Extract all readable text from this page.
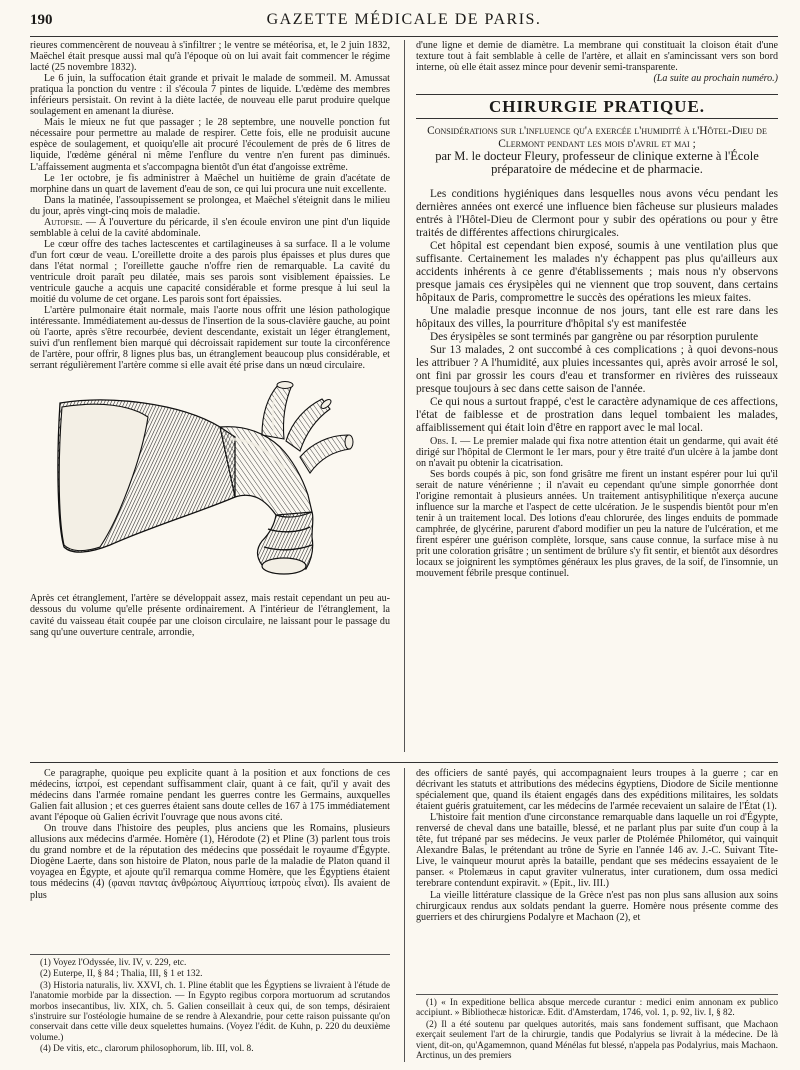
190	GAZETTE MÉDICALE DE PARIS.

rieures commencèrent de nouveau à s'infiltrer ; le ventre se météorisa, et, le 2 juin 1832, Maëchel était presque aussi mal qu'à l'époque où on lui avait fait commencer le régime lacté (25 novembre 1832).

Le 6 juin, la suffocation était grande et privait le malade de sommeil. M. Amussat pratiqua la ponction du ventre : il s'écoula 7 pintes de liquide. L'œdème des membres inférieurs persistait. On revint à la diète lactée, de nouveau elle parut produire quelque soulagement en amenant la diurèse.

Mais le mieux ne fut que passager ; le 28 septembre, une nouvelle ponction fut nécessaire pour permettre au malade de respirer. Cette fois, elle ne produisit aucune espèce de soulagement, et quoiqu'elle ait procuré l'écoulement de près de 6 litres de liquide, l'œdème général ni même l'enflure du ventre n'en furent pas diminués. L'affaissement augmenta et s'accompagna bientôt d'un état d'angoisse extrême.

Le 1er octobre, je fis administrer à Maëchel un huitième de grain d'acétate de morphine dans un quart de lavement d'eau de son, ce qui lui procura une nuit excellente.

Dans la matinée, l'assoupissement se prolongea, et Maëchel s'éteignit dans le milieu du jour, après vingt-cinq mois de maladie.

Autopsie. — A l'ouverture du péricarde, il s'en écoule environ une pint d'un liquide semblable à celui de la cavité abdominale.

Le cœur offre des taches lactescentes et cartilagineuses à sa surface. Il a le volume d'un fort cœur de veau. L'oreillette droite a des parois plus épaisses et plus dures que dans l'état normal ; l'oreillette gauche n'offre rien de remarquable. La cavité du ventricule droit paraît peu dilatée, mais ses parois sont visiblement épaissies. Le ventricule gauche a acquis une capacité considérable et forme presque à lui seul la moitié du volume de cet organe. Les parois sont fort épaissies.

L'artère pulmonaire était normale, mais l'aorte nous offrit une lésion pathologique intéressante. Immédiatement au-dessus de l'insertion de la sous-clavière gauche, au point où l'aorte, après s'être recourbée, devient descendante, existait un léger étranglement, suivi d'un renflement bien marqué qui décroissait rapidement sur toute la circonférence de l'artère, pour offrir, 8 lignes plus bas, un étranglement beaucoup plus considérable, et serrant régulièrement l'artère comme si elle avait été prise dans un nœud circulaire.

Après cet étranglement, l'artère se développait assez, mais restait cependant un peu au-dessous du volume qu'elle présente ordinairement. A l'intérieur de l'étranglement, la cavité du vaisseau était coupée par une cloison circulaire, ne laissant pour le passage du sang qu'une ouverture centrale, arrondie,

d'une ligne et demie de diamètre. La membrane qui constituait la cloison était d'une texture tout à fait semblable à celle de l'artère, et allait en s'amincissant vers son bord interne, où elle était assez mince pour devenir semi-transparente.

(La suite au prochain numéro.)

CHIRURGIE PRATIQUE.
Considérations sur l'influence qu'a exercée l'humidité à l'Hôtel-Dieu de Clermont pendant les mois d'avril et mai ;
par M. le docteur Fleury, professeur de clinique externe à l'École préparatoire de médecine et de pharmacie.

Les conditions hygiéniques dans lesquelles nous avons vécu pendant les dernières années ont exercé une influence bien fâcheuse sur plusieurs malades entrés à l'Hôtel-Dieu de Clermont pour y subir des opérations ou pour y être traités de différentes affections chirurgicales.

Cet hôpital est cependant bien exposé, soumis à une ventilation plus que suffisante. Certainement les malades n'y échappent pas plus qu'ailleurs aux accidents inhérents à ce genre d'établissements ; mais nous n'y observons presque jamais ces érysipèles qui ne viennent que trop souvent, dans certains hôpitaux de Paris, compromettre le succès des opérations les mieux faites.

Une maladie presque inconnue de nos jours, tant elle est rare dans les hôpitaux des villes, la pourriture d'hôpital s'y est manifestée

Des érysipèles se sont terminés par gangrène ou par résorption purulente

Sur 13 malades, 2 ont succombé à ces complications ; à quoi devons-nous les attribuer ? A l'humidité, aux pluies incessantes qui, après avoir arrosé le sol, ont fini par grossir les cours d'eau et transformer en rivières des ruisseaux presque toujours à sec dans cette saison de l'année.

Ce qui nous a surtout frappé, c'est le caractère adynamique de ces affections, l'état de faiblesse et de prostration dans lequel tombaient les malades, affaiblissement qui était loin d'être en rapport avec le mal local.

Obs. I. — Le premier malade qui fixa notre attention était un gendarme, qui avait été dirigé sur l'hôpital de Clermont le 1er mars, pour y être traité d'un ulcère à la jambe dont on n'avait pu obtenir la cicatrisation.

Ses bords coupés à pic, son fond grisâtre me firent un instant espérer pour lui qu'il serait de nature vénérienne ; il n'avait eu cependant qu'une simple gonorrhée dont l'origine remontait à plusieurs années. Un traitement antisyphilitique n'exerça aucune influence sur la marche et l'aspect de cette ulcération. Je le suspendis bientôt pour m'en tenir à un traitement local. Des lotions d'eau chlorurée, des linges enduits de pommade camphrée, de glycérine, parurent d'abord modifier un peu la nature de l'ulcération, et me firent espérer une guérison complète, lorsque, sans cause connue, la surface mise à nu prit une coloration grisâtre ; un sentiment de brûlure s'y fit sentir, et bientôt aux désordres locaux se joignirent les symptômes généraux les plus graves, de la soif, de l'insomnie, un mouvement fébrile presque continuel.

Ce paragraphe, quoique peu explicite quant à la position et aux fonctions de ces médecins, ἰατροί, est cependant suffisamment clair, quant à ce fait, qu'il y avait des médecins dans l'armée romaine pendant les guerres contre les Germains, auxquelles Galien fait allusion ; et ces guerres étaient sans doute celles de 167 à 175 immédiatement avant l'époque où Galien écrivit l'ouvrage que nous avons cité.

On trouve dans l'histoire des peuples, plus anciens que les Romains, plusieurs allusions aux médecins d'armée. Homère (1), Hérodote (2) et Pline (3) parlent tous trois du grand nombre et de la réputation des médecins que possédait le royaume d'Égypte. Diogène Laerte, dans son histoire de Platon, nous parle de la maladie de Platon quand il voyagea en Égypte, et ajoute qu'il remarqua comme Homère, que les Égyptiens étaient tous médecins (4) (φαναι παντας ἀνθρώπους Αἰγυπτίους ἰατροὺς εἶναι). Ils avaient de plus

(1) Voyez l'Odyssée, liv. IV, v. 229, etc.

(2) Euterpe, II, § 84 ; Thalia, III, § 1 et 132.

(3) Historia naturalis, liv. XXVI, ch. 1. Pline établit que les Égyptiens se livraient à l'étude de l'anatomie morbide par la dissection. — In Egypto regibus corpora mortuorum ad scrutandos morbos insecantibus, liv. XIX, ch. 5. Galien conseillait à ceux qui, de son temps, désiraient s'instruire sur l'ostéologie humaine de se rendre à Alexandrie, pour cette raison puissante qu'on conservait dans cette ville deux squelettes humains. (Voyez l'édit. de Kuhn, p. 220 du deuxième volume.)

(4) De vitis, etc., clarorum philosophorum, lib. III, vol. 8.

des officiers de santé payés, qui accompagnaient leurs troupes à la guerre ; car en décrivant les statuts et attributions des médecins égyptiens, Diodore de Sicile mentionne spécialement que, quand ils étaient engagés dans des expéditions militaires, les soldats étaient guéris gratuitement, car les médecins de l'armée recevaient un salaire de l'État (1).

L'histoire fait mention d'une circonstance remarquable dans laquelle un roi d'Égypte, renversé de cheval dans une bataille, blessé, et ne parlant plus par suite d'un coup à la tête, fut trépané par ses médecins. Je veux parler de Ptolémée Philométor, qui vainquit Alexandre Balas, le prétendant au trône de Syrie en l'année 146 av. J.-C. Suivant Tite-Live, le vainqueur mourut après la bataille, pendant que ses médecins essayaient de le panser. « Ptolemæus in caput graviter vulneratus, inter curationem, dum ossa medici terebrare contendunt expiravit. » (Epit., liv. III.)

La vieille littérature classique de la Grèce n'est pas non plus sans allusion aux soins chirurgicaux rendus aux soldats pendant la guerre. Homère nous présente comme des guerriers et des chirurgiens Podalyre et Machaon (2), et

(1) « In expeditione bellica absque mercede curantur : medici enim annonam ex publico accipiunt. » Bibliothecæ historicæ. Edit. d'Amsterdam, 1746, vol. 1, p. 92, liv. I, § 82.

(2) Il a été soutenu par quelques autorités, mais sans fondement suffisant, que Machaon exerçait seulement l'art de la chirurgie, tandis que Podalyrius se livrait à la médecine. De là vient, dit-on, qu'Agamemnon, quand Ménélas fut blessé, n'appela pas Podalyrius, mais Machaon. Arctinus, un des premiers
